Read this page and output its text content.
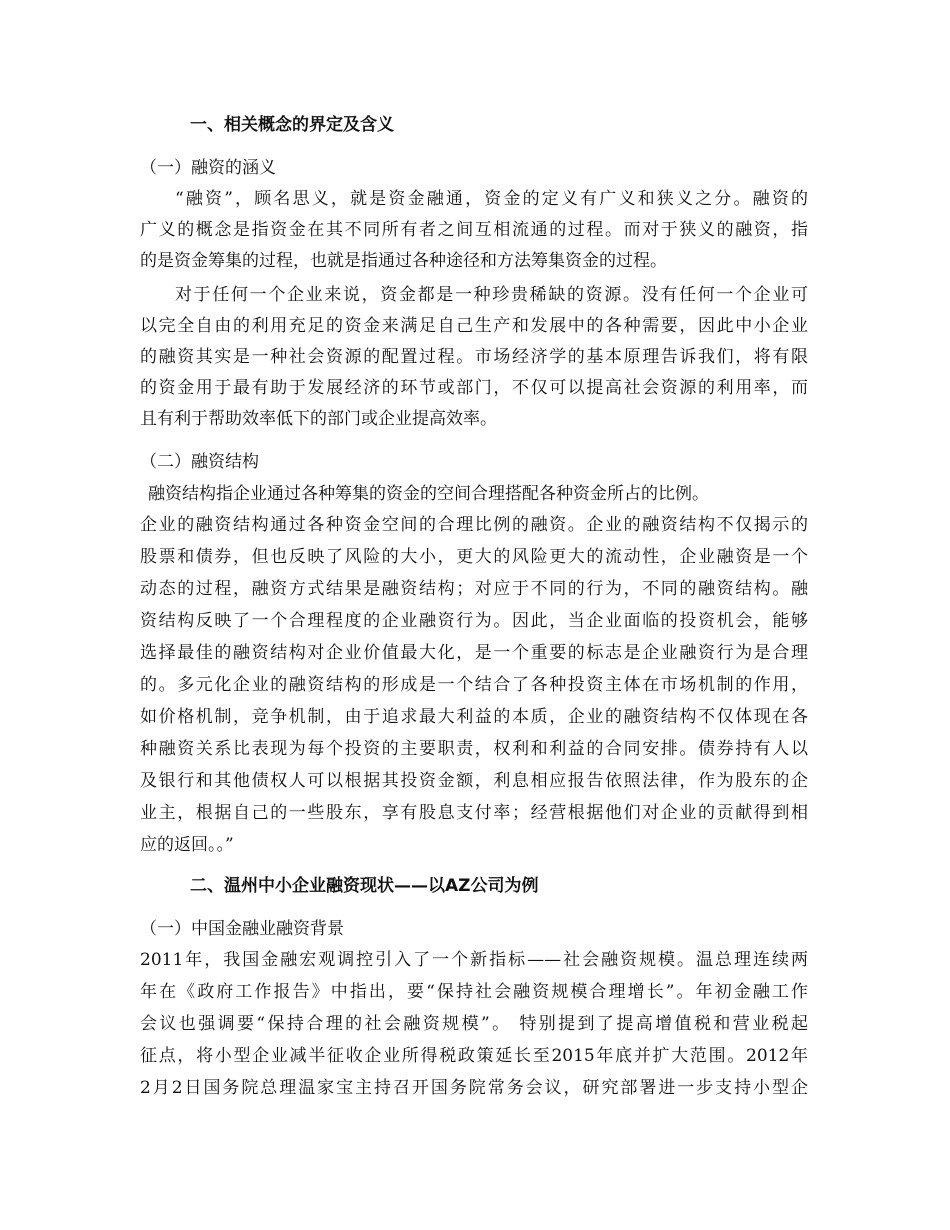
一、相关概念的界定及含义

（一）融资的涵义

“融资”，顾名思义，就是资金融通，资金的定义有广义和狭义之分。融资的

广义的概念是指资金在其不同所有者之间互相流通的过程。而对于狭义的融资，指

的是资金筹集的过程，也就是指通过各种途径和方法筹集资金的过程。

对于任何一个企业来说，资金都是一种珍贵稀缺的资源。没有任何一个企业可

以完全自由的利用充足的资金来满足自己生产和发展中的各种需要，因此中小企业

的融资其实是一种社会资源的配置过程。市场经济学的基本原理告诉我们，将有限

的资金用于最有助于发展经济的环节或部门，不仅可以提高社会资源的利用率，而

且有利于帮助效率低下的部门或企业提高效率。

（二）融资结构

融资结构指企业通过各种筹集的资金的空间合理搭配各种资金所占的比例。

企业的融资结构通过各种资金空间的合理比例的融资。企业的融资结构不仅揭示的

股票和债券，但也反映了风险的大小，更大的风险更大的流动性，企业融资是一个

动态的过程，融资方式结果是融资结构；对应于不同的行为，不同的融资结构。融

资结构反映了一个合理程度的企业融资行为。因此，当企业面临的投资机会，能够

选择最佳的融资结构对企业价值最大化，是一个重要的标志是企业融资行为是合理

的。多元化企业的融资结构的形成是一个结合了各种投资主体在市场机制的作用，

如价格机制，竞争机制，由于追求最大利益的本质，企业的融资结构不仅体现在各

种融资关系比表现为每个投资的主要职责，权利和利益的合同安排。债券持有人以

及银行和其他债权人可以根据其投资金额，利息相应报告依照法律，作为股东的企

业主，根据自己的一些股东，享有股息支付率；经营根据他们对企业的贡献得到相

应的返回。。”

二、温州中小企业融资现状——以AZ公司为例

（一）中国金融业融资背景

2011年，我国金融宏观调控引入了一个新指标——社会融资规模。温总理连续两

年在《政府工作报告》中指出，要“保持社会融资规模合理增长”。年初金融工作

会议也强调要“保持合理的社会融资规模”。 特别提到了提高增值税和营业税起

征点，将小型企业减半征收企业所得税政策延长至2015年底并扩大范围。2012年

2月2日国务院总理温家宝主持召开国务院常务会议，研究部署进一步支持小型企
